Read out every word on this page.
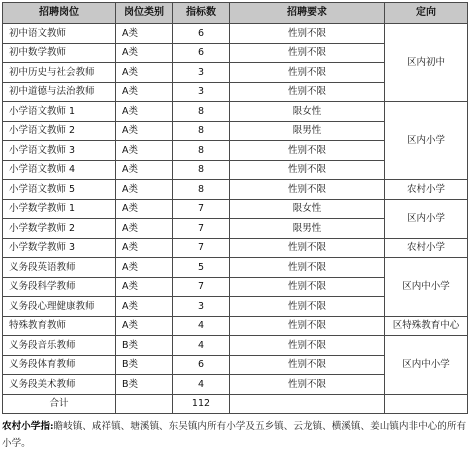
招聘岗位	岗位类别	指标数	招聘要求	定向
初中语文教师	A类	6	性别不限	区内初中
初中数学教师	A类	6	性别不限	
初中历史与社会教师	A类	3	性别不限	
初中道德与法治教师	A类	3	性别不限	
小学语文教师 1	A类	8	限女性	区内小学
小学语文教师 2	A类	8	限男性	
小学语文教师 3	A类	8	性别不限	
小学语文教师 4	A类	8	性别不限	
小学语文教师 5	A类	8	性别不限	农村小学
小学数学教师 1	A类	7	限女性	区内小学
小学数学教师 2	A类	7	限男性	
小学数学教师 3	A类	7	性别不限	农村小学
义务段英语教师	A类	5	性别不限	区内中小学
义务段科学教师	A类	7	性别不限	
义务段心理健康教师	A类	3	性别不限	
特殊教育教师	A类	4	性别不限	区特殊教育中心
义务段音乐教师	B类	4	性别不限	区内中小学
义务段体育教师	B类	6	性别不限	
义务段美术教师	B类	4	性别不限	
合计		112		
农村小学指:瞻岐镇、咸祥镇、塘溪镇、东吴镇内所有小学及五乡镇、云龙镇、横溪镇、姜山镇内非中心的所有小学。
